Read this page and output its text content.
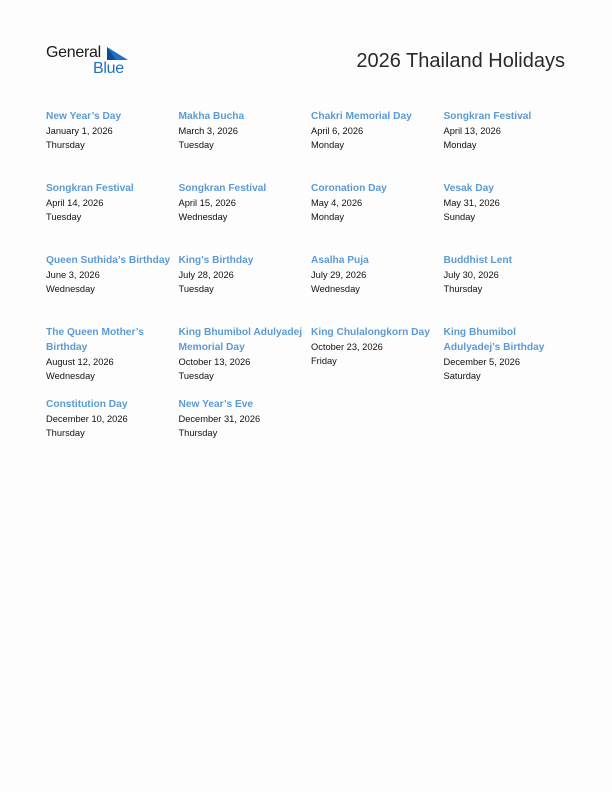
General
Blue	2026 Thailand Holidays
New Year’s Day
January 1, 2026
Thursday
Makha Bucha
March 3, 2026
Tuesday
Chakri Memorial Day
April 6, 2026
Monday
Songkran Festival
April 13, 2026
Monday
Songkran Festival
April 14, 2026
Tuesday
Songkran Festival
April 15, 2026
Wednesday
Coronation Day
May 4, 2026
Monday
Vesak Day
May 31, 2026
Sunday
Queen Suthida’s Birthday
June 3, 2026
Wednesday
King’s Birthday
July 28, 2026
Tuesday
Asalha Puja
July 29, 2026
Wednesday
Buddhist Lent
July 30, 2026
Thursday
The Queen Mother’s Birthday
August 12, 2026
Wednesday
King Bhumibol Adulyadej Memorial Day
October 13, 2026
Tuesday
King Chulalongkorn Day
October 23, 2026
Friday
King Bhumibol Adulyadej’s Birthday
December 5, 2026
Saturday
Constitution Day
December 10, 2026
Thursday
New Year’s Eve
December 31, 2026
Thursday
